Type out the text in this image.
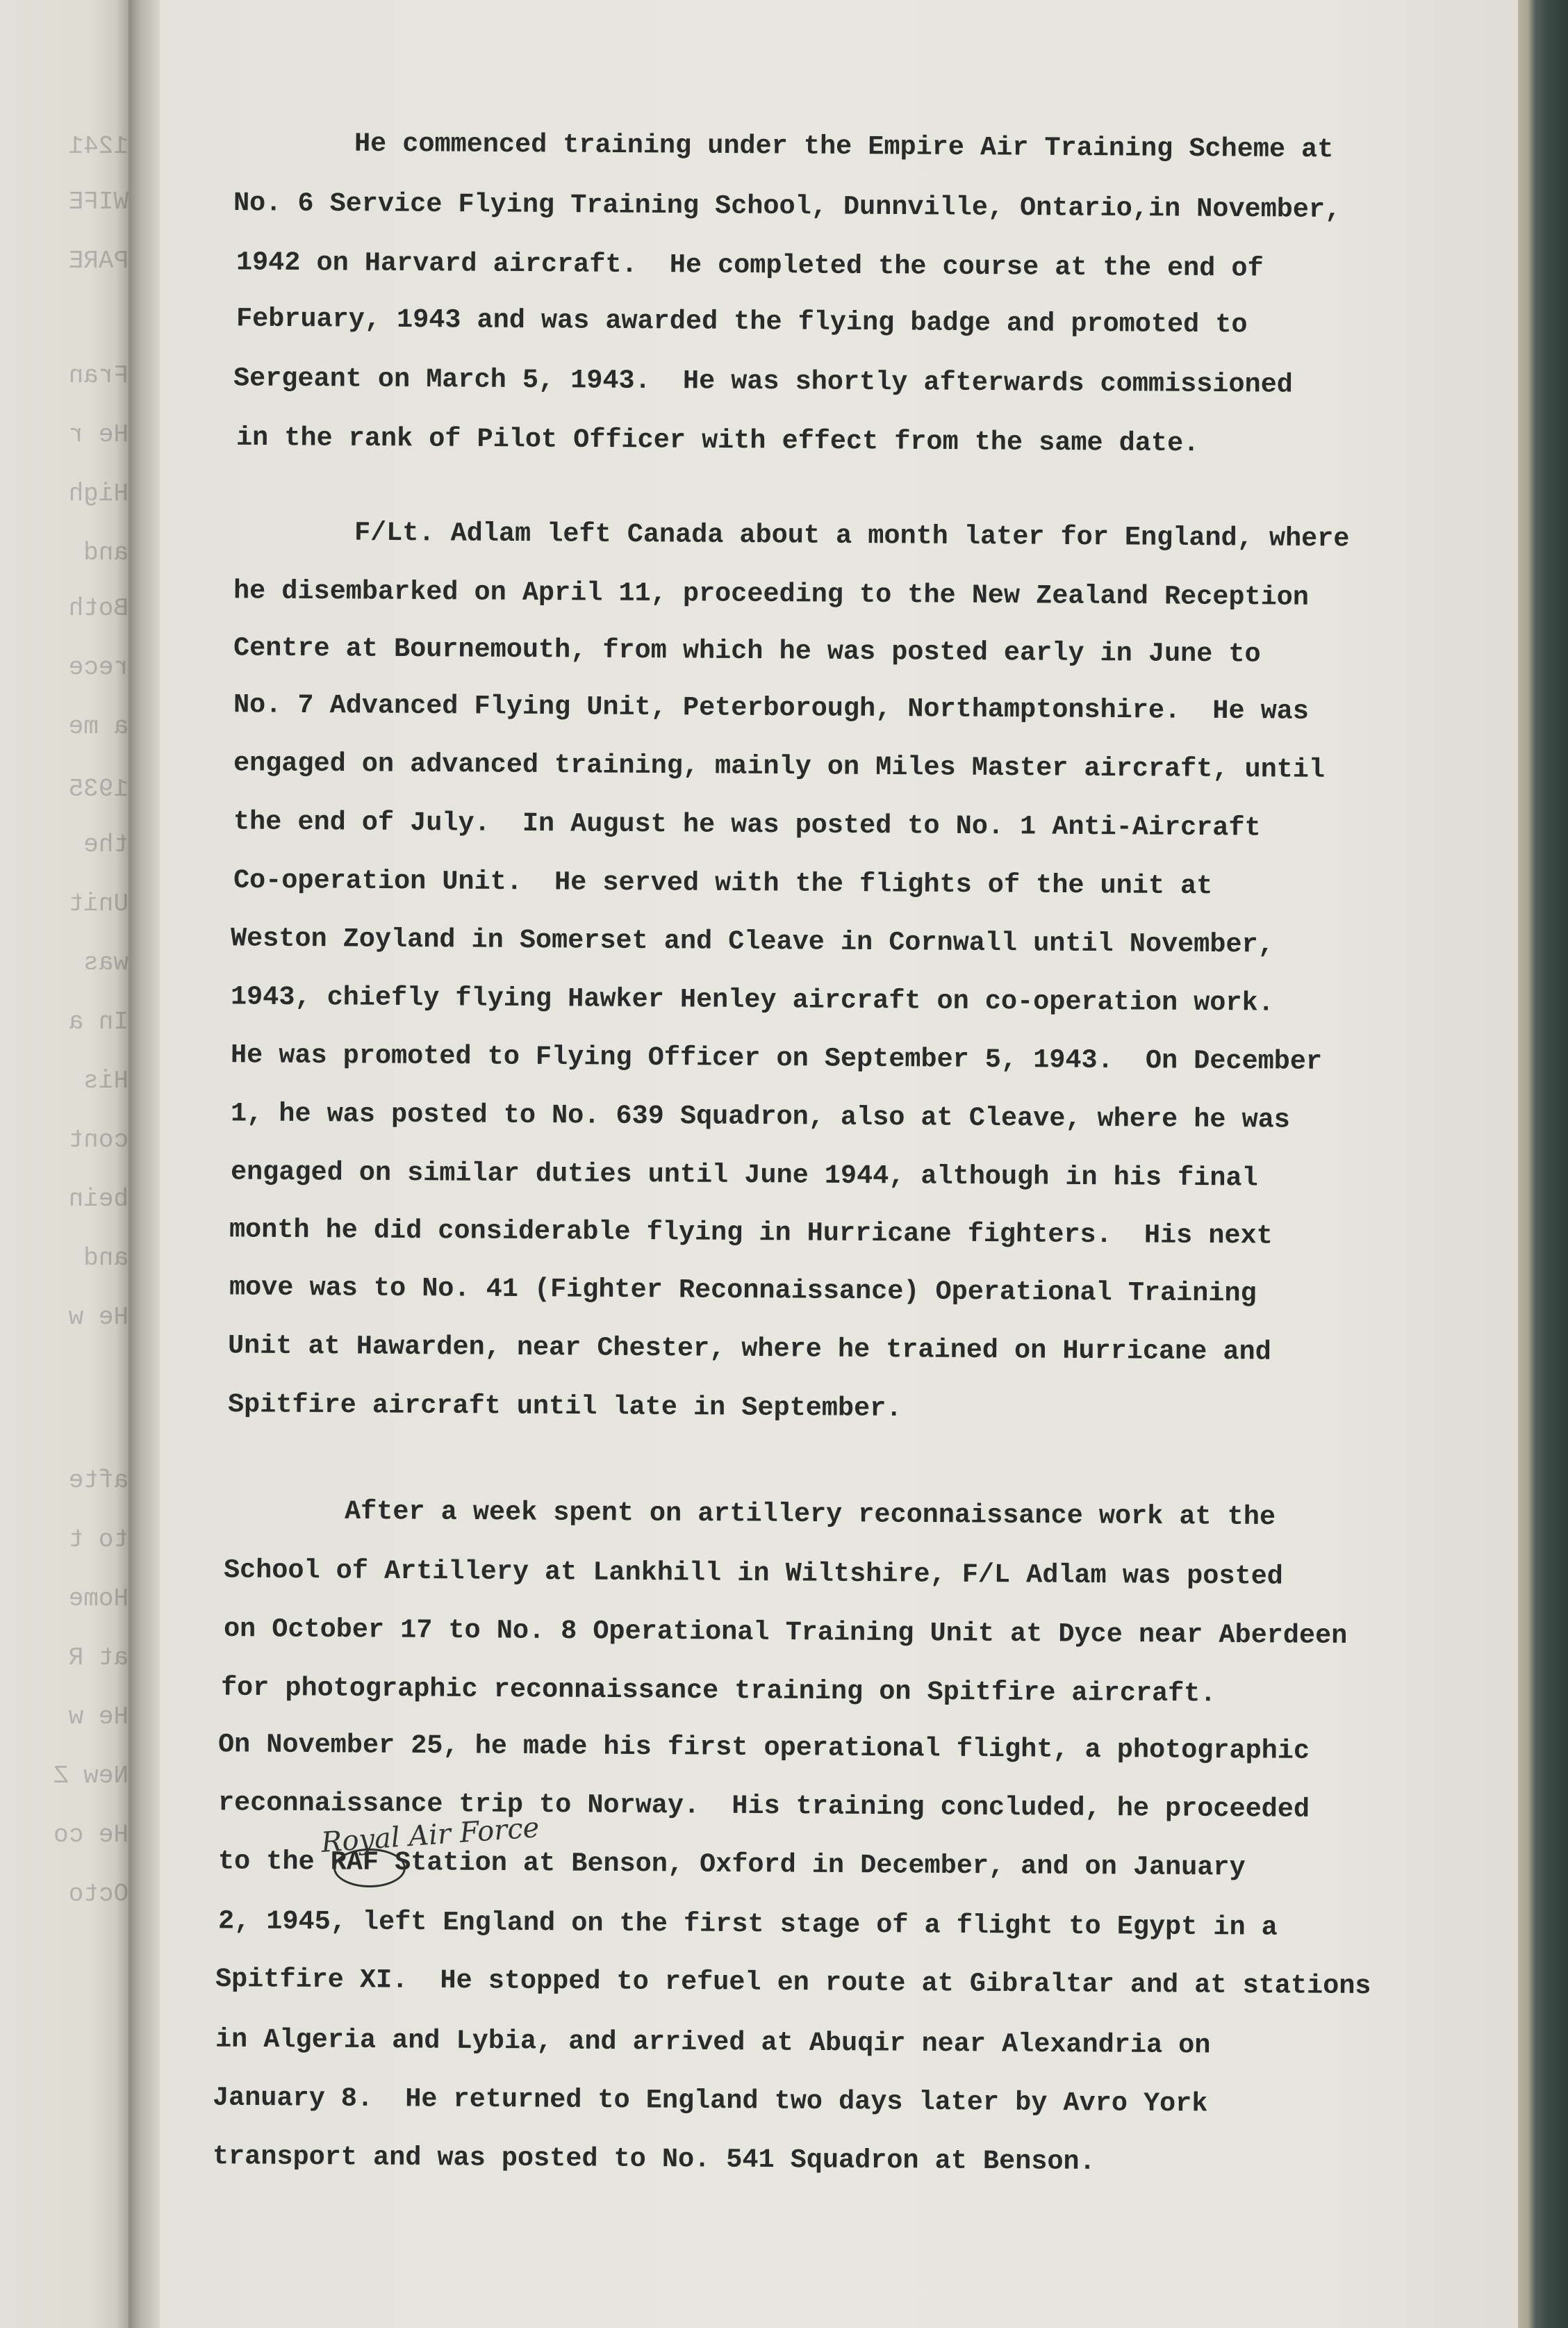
1241
WIFE
PARE
Fran
He r
High
and
Both
rece
a me
1935
the
Unit
was
In a
His
cont
bein
and
He w
afte
to t
Home
at R
He w
New Z
He co
Octo
He commenced training under the Empire Air Training Scheme at
No. 6 Service Flying Training School, Dunnville, Ontario,in November,
1942 on Harvard aircraft.  He completed the course at the end of
February, 1943 and was awarded the flying badge and promoted to
Sergeant on March 5, 1943.  He was shortly afterwards commissioned
in the rank of Pilot Officer with effect from the same date.
F/Lt. Adlam left Canada about a month later for England, where
he disembarked on April 11, proceeding to the New Zealand Reception
Centre at Bournemouth, from which he was posted early in June to
No. 7 Advanced Flying Unit, Peterborough, Northamptonshire.  He was
engaged on advanced training, mainly on Miles Master aircraft, until
the end of July.  In August he was posted to No. 1 Anti-Aircraft
Co-operation Unit.  He served with the flights of the unit at
Weston Zoyland in Somerset and Cleave in Cornwall until November,
1943, chiefly flying Hawker Henley aircraft on co-operation work.
He was promoted to Flying Officer on September 5, 1943.  On December
1, he was posted to No. 639 Squadron, also at Cleave, where he was
engaged on similar duties until June 1944, although in his final
month he did considerable flying in Hurricane fighters.  His next
move was to No. 41 (Fighter Reconnaissance) Operational Training
Unit at Hawarden, near Chester, where he trained on Hurricane and
Spitfire aircraft until late in September.
After a week spent on artillery reconnaissance work at the
School of Artillery at Lankhill in Wiltshire, F/L Adlam was posted
on October 17 to No. 8 Operational Training Unit at Dyce near Aberdeen
for photographic reconnaissance training on Spitfire aircraft.
On November 25, he made his first operational flight, a photographic
reconnaissance trip to Norway.  His training concluded, he proceeded
to the RAF Station at Benson, Oxford in December, and on January
2, 1945, left England on the first stage of a flight to Egypt in a
Spitfire XI.  He stopped to refuel en route at Gibraltar and at stations
in Algeria and Lybia, and arrived at Abuqir near Alexandria on
January 8.  He returned to England two days later by Avro York
transport and was posted to No. 541 Squadron at Benson.
Royal Air Force
